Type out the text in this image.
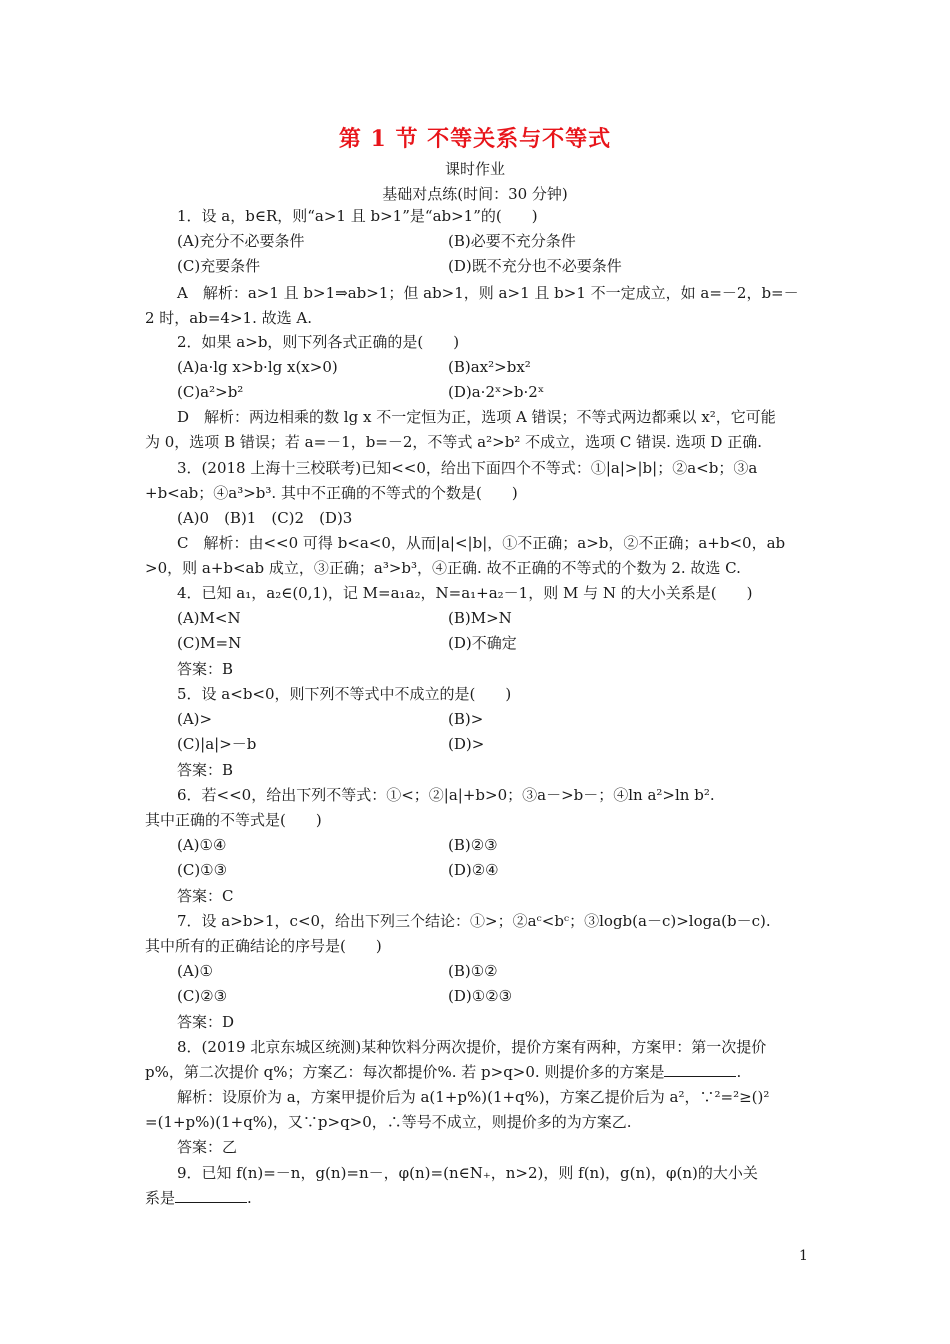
第 1 节 不等关系与不等式
课时作业
基础对点练(时间：30 分钟)
1．设 a，b∈R，则“a>1 且 b>1”是“ab>1”的(　　)
(A)充分不必要条件	(B)必要不充分条件
(C)充要条件	(D)既不充分也不必要条件
A　解析：a>1 且 b>1⇒ab>1；但 ab>1，则 a>1 且 b>1 不一定成立，如 a=－2，b=－
2 时，ab=4>1. 故选 A.
2．如果 a>b，则下列各式正确的是(　　)
(A)a·lg x>b·lg x(x>0)	(B)ax²>bx²
(C)a²>b²	(D)a·2ˣ>b·2ˣ
D　解析：两边相乘的数 lg x 不一定恒为正，选项 A 错误；不等式两边都乘以 x²，它可能
为 0，选项 B 错误；若 a=－1，b=－2，不等式 a²>b² 不成立，选项 C 错误. 选项 D 正确.
3．(2018 上海十三校联考)已知<<0，给出下面四个不等式：①|a|>|b|；②a<b；③a
+b<ab；④a³>b³. 其中不正确的不等式的个数是(　　)
(A)0　(B)1　(C)2　(D)3
C　解析：由<<0 可得 b<a<0，从而|a|<|b|，①不正确；a>b，②不正确；a+b<0，ab
>0，则 a+b<ab 成立，③正确；a³>b³，④正确. 故不正确的不等式的个数为 2. 故选 C.
4．已知 a₁，a₂∈(0,1)，记 M=a₁a₂，N=a₁+a₂－1，则 M 与 N 的大小关系是(　　)
(A)M<N	(B)M>N
(C)M=N	(D)不确定
答案：B
5．设 a<b<0，则下列不等式中不成立的是(　　)
(A)>	(B)>
(C)|a|>－b	(D)>
答案：B
6．若<<0，给出下列不等式：①<；②|a|+b>0；③a－>b－；④ln a²>ln b².
其中正确的不等式是(　　)
(A)①④	(B)②③
(C)①③	(D)②④
答案：C
7．设 a>b>1，c<0，给出下列三个结论：①>；②aᶜ<bᶜ；③logb(a－c)>loga(b－c).
其中所有的正确结论的序号是(　　)
(A)①	(B)①②
(C)②③	(D)①②③
答案：D
8．(2019 北京东城区统测)某种饮料分两次提价，提价方案有两种，方案甲：第一次提价
p%，第二次提价 q%；方案乙：每次都提价%. 若 p>q>0. 则提价多的方案是	.
解析：设原价为 a，方案甲提价后为 a(1+p%)(1+q%)，方案乙提价后为 a²，∵²=²≥()²
=(1+p%)(1+q%)，又∵p>q>0，∴等号不成立，则提价多的为方案乙.
答案：乙
9．已知 f(n)=－n，g(n)=n－，φ(n)=(n∈N₊，n>2)，则 f(n)，g(n)，φ(n)的大小关
系是	.
1
